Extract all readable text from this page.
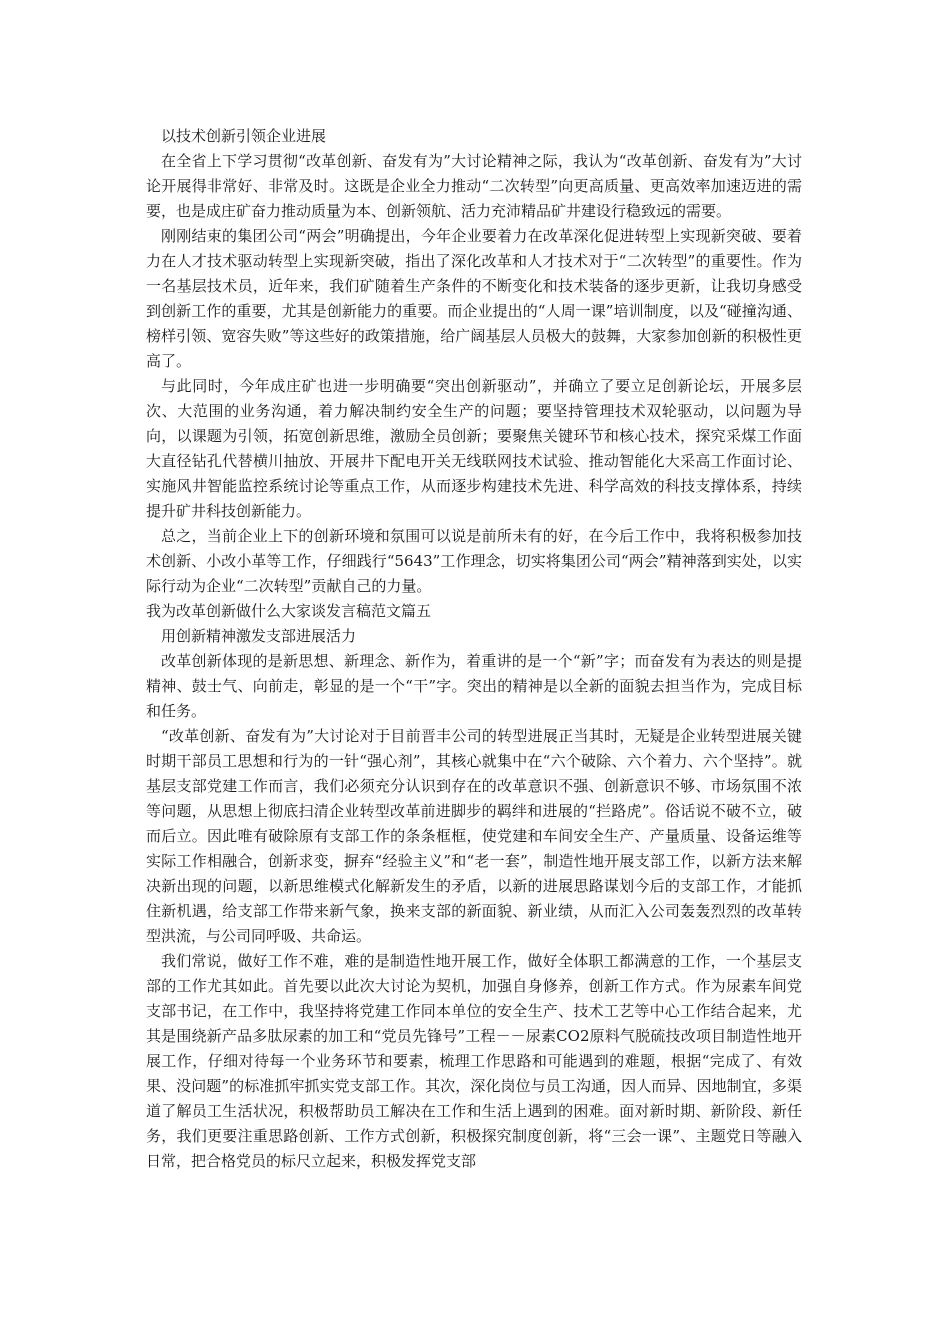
以技术创新引领企业进展

在全省上下学习贯彻“改革创新、奋发有为”大讨论精神之际，我认为“改革创新、奋发有为”大讨论开展得非常好、非常及时。这既是企业全力推动“二次转型”向更高质量、更高效率加速迈进的需要，也是成庄矿奋力推动质量为本、创新领航、活力充沛精品矿井建设行稳致远的需要。

刚刚结束的集团公司“两会”明确提出，今年企业要着力在改革深化促进转型上实现新突破、要着力在人才技术驱动转型上实现新突破，指出了深化改革和人才技术对于“二次转型”的重要性。作为一名基层技术员，近年来，我们矿随着生产条件的不断变化和技术装备的逐步更新，让我切身感受到创新工作的重要，尤其是创新能力的重要。而企业提出的“人周一课”培训制度，以及“碰撞沟通、榜样引领、宽容失败”等这些好的政策措施，给广阔基层人员极大的鼓舞，大家参加创新的积极性更高了。

与此同时，今年成庄矿也进一步明确要“突出创新驱动”，并确立了要立足创新论坛，开展多层次、大范围的业务沟通，着力解决制约安全生产的问题；要坚持管理技术双轮驱动，以问题为导向，以课题为引领，拓宽创新思维，激励全员创新；要聚焦关键环节和核心技术，探究采煤工作面大直径钻孔代替横川抽放、开展井下配电开关无线联网技术试验、推动智能化大采高工作面讨论、实施风井智能监控系统讨论等重点工作，从而逐步构建技术先进、科学高效的科技支撑体系，持续提升矿井科技创新能力。

总之，当前企业上下的创新环境和氛围可以说是前所未有的好，在今后工作中，我将积极参加技术创新、小改小革等工作，仔细践行“5643”工作理念，切实将集团公司“两会”精神落到实处，以实际行动为企业“二次转型”贡献自己的力量。

我为改革创新做什么大家谈发言稿范文篇五

用创新精神激发支部进展活力

改革创新体现的是新思想、新理念、新作为，着重讲的是一个“新”字；而奋发有为表达的则是提精神、鼓士气、向前走，彰显的是一个“干”字。突出的精神是以全新的面貌去担当作为，完成目标和任务。

“改革创新、奋发有为”大讨论对于目前晋丰公司的转型进展正当其时，无疑是企业转型进展关键时期干部员工思想和行为的一针“强心剂”，其核心就集中在“六个破除、六个着力、六个坚持”。就基层支部党建工作而言，我们必须充分认识到存在的改革意识不强、创新意识不够、市场氛围不浓等问题，从思想上彻底扫清企业转型改革前进脚步的羁绊和进展的“拦路虎”。俗话说不破不立，破而后立。因此唯有破除原有支部工作的条条框框，使党建和车间安全生产、产量质量、设备运维等实际工作相融合，创新求变，摒弃“经验主义”和“老一套”，制造性地开展支部工作，以新方法来解决新出现的问题，以新思维模式化解新发生的矛盾，以新的进展思路谋划今后的支部工作，才能抓住新机遇，给支部工作带来新气象，换来支部的新面貌、新业绩，从而汇入公司轰轰烈烈的改革转型洪流，与公司同呼吸、共命运。

我们常说，做好工作不难，难的是制造性地开展工作，做好全体职工都满意的工作，一个基层支部的工作尤其如此。首先要以此次大讨论为契机，加强自身修养，创新工作方式。作为尿素车间党支部书记，在工作中，我坚持将党建工作同本单位的安全生产、技术工艺等中心工作结合起来，尤其是围绕新产品多肽尿素的加工和“党员先锋号”工程－－尿素CO2原料气脱硫技改项目制造性地开展工作，仔细对待每一个业务环节和要素，梳理工作思路和可能遇到的难题，根据“完成了、有效果、没问题”的标准抓牢抓实党支部工作。其次，深化岗位与员工沟通，因人而异、因地制宜，多渠道了解员工生活状况，积极帮助员工解决在工作和生活上遇到的困难。面对新时期、新阶段、新任务，我们更要注重思路创新、工作方式创新，积极探究制度创新，将“三会一课”、主题党日等融入日常，把合格党员的标尺立起来，积极发挥党支部
